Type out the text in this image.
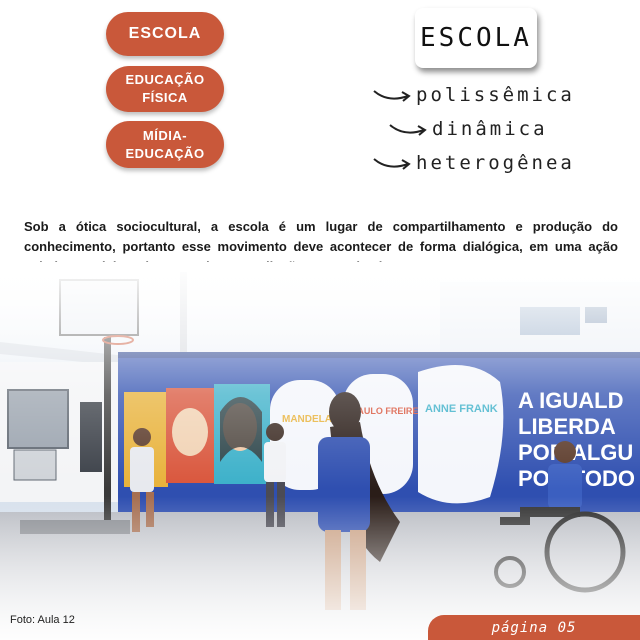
ESCOLA
EDUCAÇÃO
FÍSICA
MÍDIA-
EDUCAÇÃO
ESCOLA
polissêmica
dinâmica
heterogênea

Sob a ótica sociocultural, a escola é um lugar de compartilhamento e produção do conhecimento, portanto esse movimento deve acontecer de forma dialógica, em uma ação

Foto: Aula 12	página 05
